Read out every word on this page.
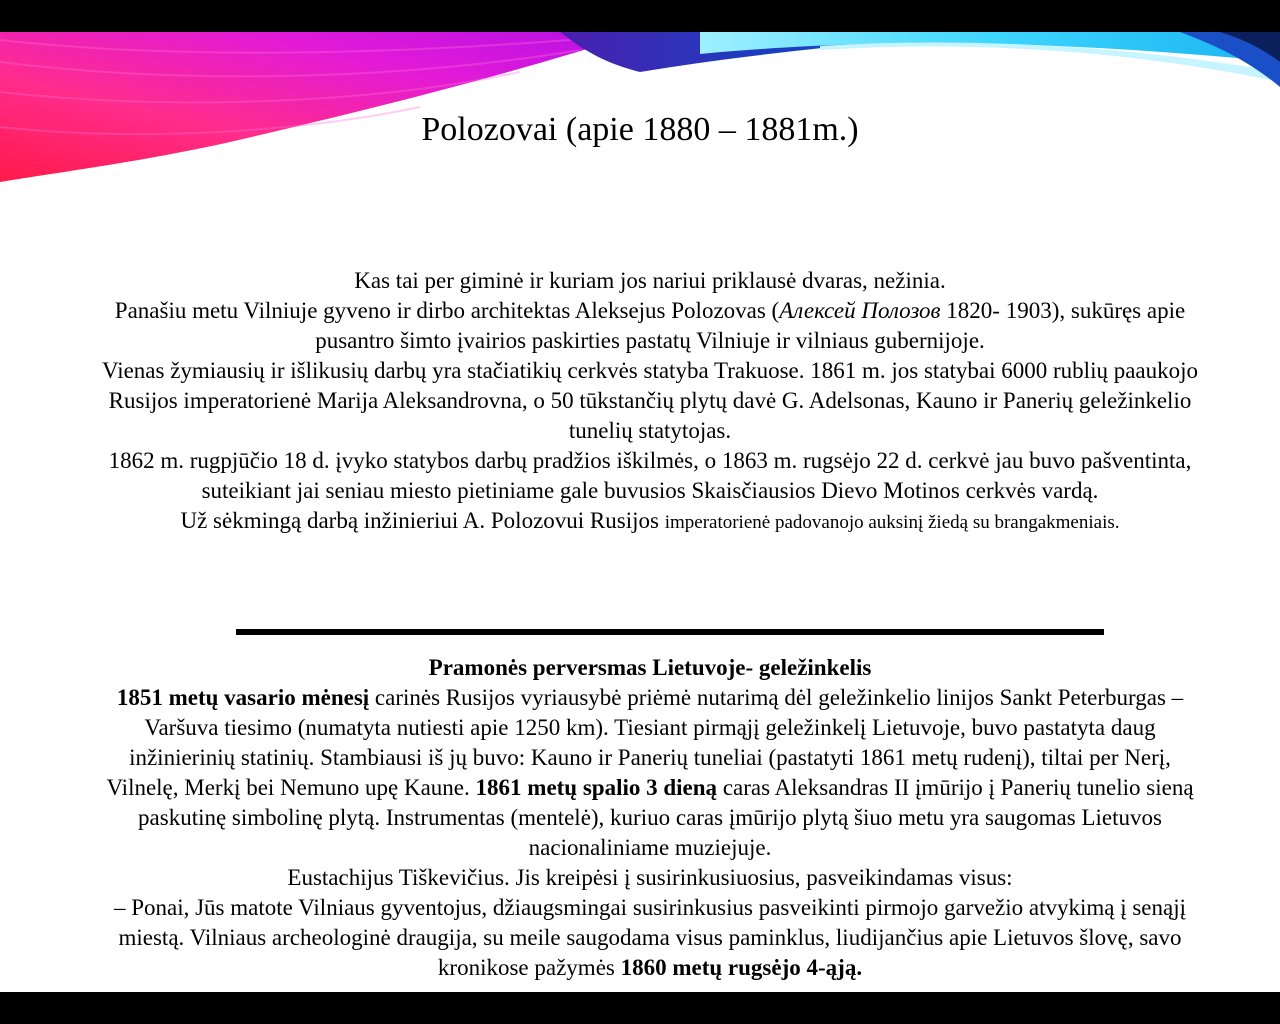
Polozovai (apie 1880 – 1881m.)

Kas tai per giminė ir kuriam jos nariui priklausė dvaras, nežinia.

Panašiu metu Vilniuje gyveno ir dirbo architektas Aleksejus Polozovas (Алексей Полозов 1820- 1903), sukūręs apie pusantro šimto įvairios paskirties pastatų Vilniuje ir vilniaus gubernijoje.

Vienas žymiausių ir išlikusių darbų yra stačiatikių cerkvės statyba Trakuose. 1861 m. jos statybai 6000 rublių paaukojo Rusijos imperatorienė Marija Aleksandrovna, o 50 tūkstančių plytų davė G. Adelsonas, Kauno ir Panerių geležinkelio tunelių statytojas.

1862 m. rugpjūčio 18 d. įvyko statybos darbų pradžios iškilmės, o 1863 m. rugsėjo 22 d. cerkvė jau buvo pašventinta, suteikiant jai seniau miesto pietiniame gale buvusios Skaisčiausios Dievo Motinos cerkvės vardą.

Už sėkmingą darbą inžinieriui A. Polozovui Rusijos imperatorienė padovanojo auksinį žiedą su brangakmeniais.

Pramonės perversmas Lietuvoje- geležinkelis

1851 metų vasario mėnesį carinės Rusijos vyriausybė priėmė nutarimą dėl geležinkelio linijos Sankt Peterburgas – Varšuva tiesimo (numatyta nutiesti apie 1250 km). Tiesiant pirmąjį geležinkelį Lietuvoje, buvo pastatyta daug inžinierinių statinių. Stambiausi iš jų buvo: Kauno ir Panerių tuneliai (pastatyti 1861 metų rudenį), tiltai per Nerį, Vilnelę, Merkį bei Nemuno upę Kaune. 1861 metų spalio 3 dieną caras Aleksandras II įmūrijo į Panerių tunelio sieną paskutinę simbolinę plytą. Instrumentas (mentelė), kuriuo caras įmūrijo plytą šiuo metu yra saugomas Lietuvos nacionaliniame muziejuje.

Eustachijus Tiškevičius. Jis kreipėsi į susirinkusiuosius, pasveikindamas visus:

– Ponai, Jūs matote Vilniaus gyventojus, džiaugsmingai susirinkusius pasveikinti pirmojo garvežio atvykimą į senąjį miestą. Vilniaus archeologinė draugija, su meile saugodama visus paminklus, liudijančius apie Lietuvos šlovę, savo kronikose pažymės 1860 metų rugsėjo 4-ąją.
